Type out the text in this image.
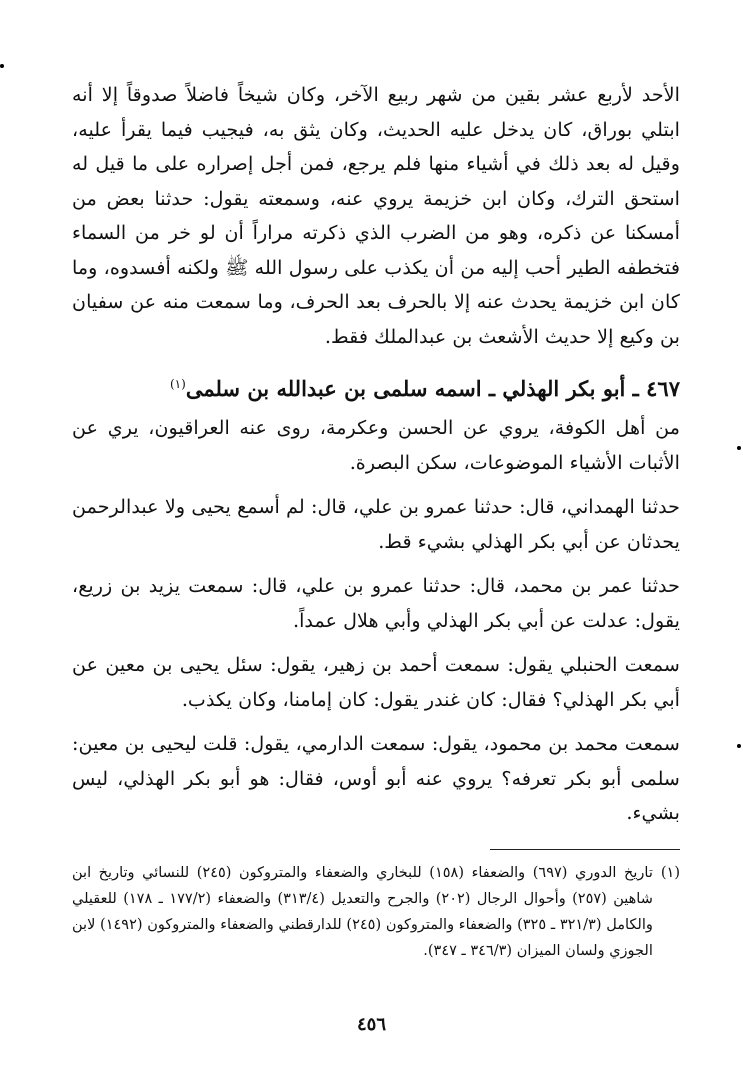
الأحد لأربع عشر بقين من شهر ربيع الآخر، وكان شيخاً فاضلاً صدوقاً إلا أنه ابتلي بوراق، كان يدخل عليه الحديث، وكان يثق به، فيجيب فيما يقرأ عليه، وقيل له بعد ذلك في أشياء منها فلم يرجع، فمن أجل إصراره على ما قيل له استحق الترك، وكان ابن خزيمة يروي عنه، وسمعته يقول: حدثنا بعض من أمسكنا عن ذكره، وهو من الضرب الذي ذكرته مراراً أن لو خر من السماء فتخطفه الطير أحب إليه من أن يكذب على رسول الله ﷺ ولكنه أفسدوه، وما كان ابن خزيمة يحدث عنه إلا بالحرف بعد الحرف، وما سمعت منه عن سفيان بن وكيع إلا حديث الأشعث بن عبدالملك فقط.

٤٦٧ ـ أبو بكر الهذلي ـ اسمه سلمى بن عبدالله بن سلمى$^{(١)}$

من أهل الكوفة، يروي عن الحسن وعكرمة، روى عنه العراقيون، يري عن الأثبات الأشياء الموضوعات، سكن البصرة.

حدثنا الهمداني، قال: حدثنا عمرو بن علي، قال: لم أسمع يحيى ولا عبدالرحمن يحدثان عن أبي بكر الهذلي بشيء قط.

حدثنا عمر بن محمد، قال: حدثنا عمرو بن علي، قال: سمعت يزيد بن زريع، يقول: عدلت عن أبي بكر الهذلي وأبي هلال عمداً.

سمعت الحنبلي يقول: سمعت أحمد بن زهير، يقول: سئل يحيى بن معين عن أبي بكر الهذلي؟ فقال: كان غندر يقول: كان إمامنا، وكان يكذب.

سمعت محمد بن محمود، يقول: سمعت الدارمي، يقول: قلت ليحيى بن معين: سلمى أبو بكر تعرفه؟ يروي عنه أبو أوس، فقال: هو أبو بكر الهذلي، ليس بشيء.

(١)
تاريخ الدوري (٦٩٧) والضعفاء (١٥٨) للبخاري والضعفاء والمتروكون (٢٤٥) للنسائي وتاريخ ابن شاهين (٢٥٧) وأحوال الرجال (٢٠٢) والجرح والتعديل (٣١٣/٤) والضعفاء (١٧٧/٢ ـ ١٧٨) للعقيلي والكامل (٣٢١/٣ ـ ٣٢٥) والضعفاء والمتروكون (٢٤٥) للدارقطني والضعفاء والمتروكون (١٤٩٢) لابن الجوزي ولسان الميزان (٣٤٦/٣ ـ ٣٤٧).
٤٥٦
